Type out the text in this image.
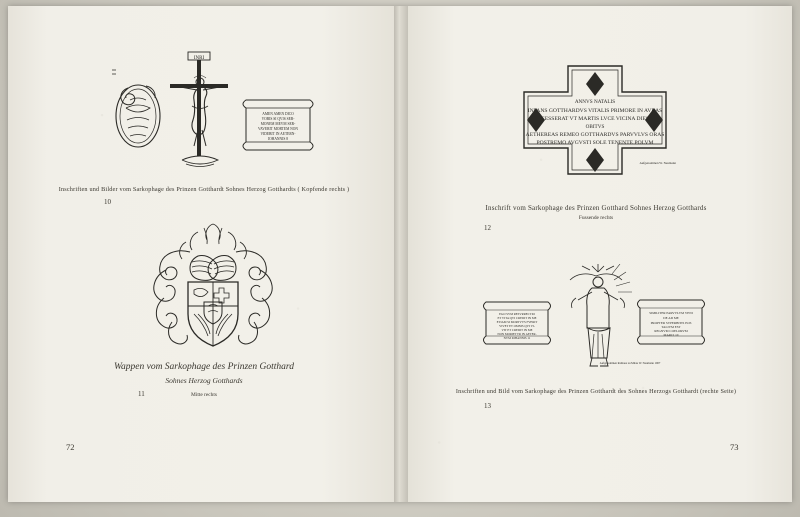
INRI
AMEN AMEN DICO
VOBIS SI QVIS SER-
MONEM MEVM SER-
VAVERIT MORTEM NON
VIDEBIT IN AETERN-
IOHANNIS 8
Inschriften und Bilder vom Sarkophage des Prinzen Gotthardt Sohnes Herzog Gotthardts ( Kopfende rechts )
10
Wappen vom Sarkophage des Prinzen Gotthard
Sohnes Herzog Gotthards
11	Mitte rechts
72
ANNVS NATALIS
INFANS GOTTHARDVS VITALIS PRIMORE IN AVRAS
CESSERAT VT MARTIS LVCE VICINA DIES
OBITVS
AETHEREAS REMEO GOTTHARDVS PARVVLVS ORAS
POSTREMO AVGVSTI SOLE TENENTE POLVM
Aufgenommen W. Neumann
Inschrift vom Sarkophage des Prinzen Gotthard Sohnes Herzog Gotthards
Fussende rechts
12
EGO SVM RESVRRECTIO
ET VITA QVI CREDIT IN ME
ETIAM SI MORTVVS FVERIT
VIVET ET OMNIS QVI VI-
VIT ET CREDIT IN ME
NON MORIETVR IN AETER-
NVM IOHANNIS 11
SIMILITER PARVVLVM VENI
DE AD ME
PROPTER SVPERBITIS EOS
TALIVM EST
REGNVM COELORVM
MARCI 10
Aufgenommen Rathaus zu Mitau W. Neumann 1907
Inschriften und Bild vom Sarkophage des Prinzen Gotthardt des Sohnes Herzogs Gotthardt (rechte Seite)
13
73
